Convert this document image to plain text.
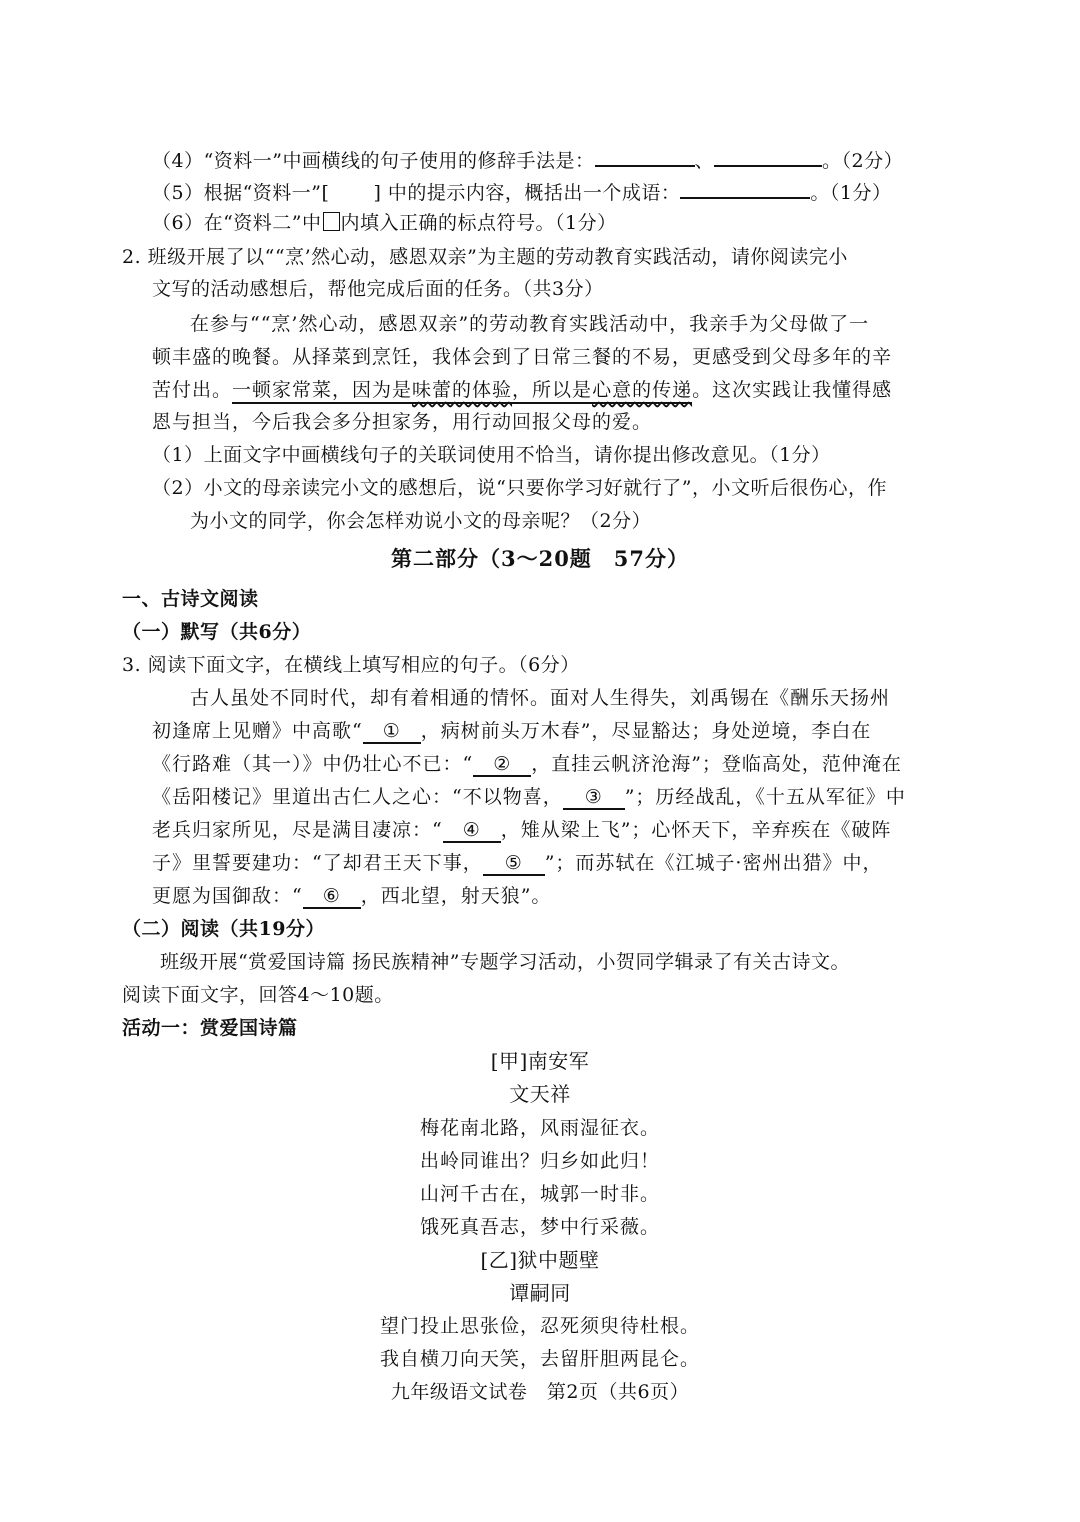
（4）“资料一”中画横线的句子使用的修辞手法是：	、	。（2分）
（5）根据“资料一”[ ] 中的提示内容，概括出一个成语：	。（1分）
（6）在“资料二”中 内填入正确的标点符号。（1分）
2. 班级开展了以““烹’然心动，感恩双亲”为主题的劳动教育实践活动，请你阅读完小
文写的活动感想后，帮他完成后面的任务。（共3分）
在参与““烹’然心动，感恩双亲”的劳动教育实践活动中，我亲手为父母做了一
顿丰盛的晚餐。从择菜到烹饪，我体会到了日常三餐的不易，更感受到父母多年的辛
苦付出。一顿家常菜，因为是味蕾的体验，所以是心意的传递。这次实践让我懂得感
恩与担当，今后我会多分担家务，用行动回报父母的爱。
（1）上面文字中画横线句子的关联词使用不恰当，请你提出修改意见。（1分）
（2）小文的母亲读完小文的感想后，说“只要你学习好就行了”，小文听后很伤心，作
为小文的同学，你会怎样劝说小文的母亲呢？（2分）
第二部分（3～20题　57分）
一、古诗文阅读
（一）默写（共6分）
3. 阅读下面文字，在横线上填写相应的句子。（6分）
古人虽处不同时代，却有着相通的情怀。面对人生得失，刘禹锡在《酬乐天扬州
初逢席上见赠》中高歌“ ① ，病树前头万木春”，尽显豁达；身处逆境，李白在
《行路难（其一）》中仍壮心不已：“ ② ，直挂云帆济沧海”；登临高处，范仲淹在
《岳阳楼记》里道出古仁人之心：“不以物喜， ③ ”；历经战乱，《十五从军征》中
老兵归家所见，尽是满目凄凉：“ ④ ，雉从梁上飞”；心怀天下，辛弃疾在《破阵
子》里誓要建功：“了却君王天下事， ⑤ ”；而苏轼在《江城子·密州出猎》中，
更愿为国御敌：“ ⑥ ，西北望，射天狼”。
（二）阅读（共19分）
班级开展“赏爱国诗篇 扬民族精神”专题学习活动，小贺同学辑录了有关古诗文。
阅读下面文字，回答4～10题。
活动一：赏爱国诗篇
[甲]南安军
文天祥
梅花南北路，风雨湿征衣。
出岭同谁出？归乡如此归！
山河千古在，城郭一时非。
饿死真吾志，梦中行采薇。
[乙]狱中题壁
谭嗣同
望门投止思张俭，忍死须臾待杜根。
我自横刀向天笑，去留肝胆两昆仑。
九年级语文试卷　第2页（共6页）
